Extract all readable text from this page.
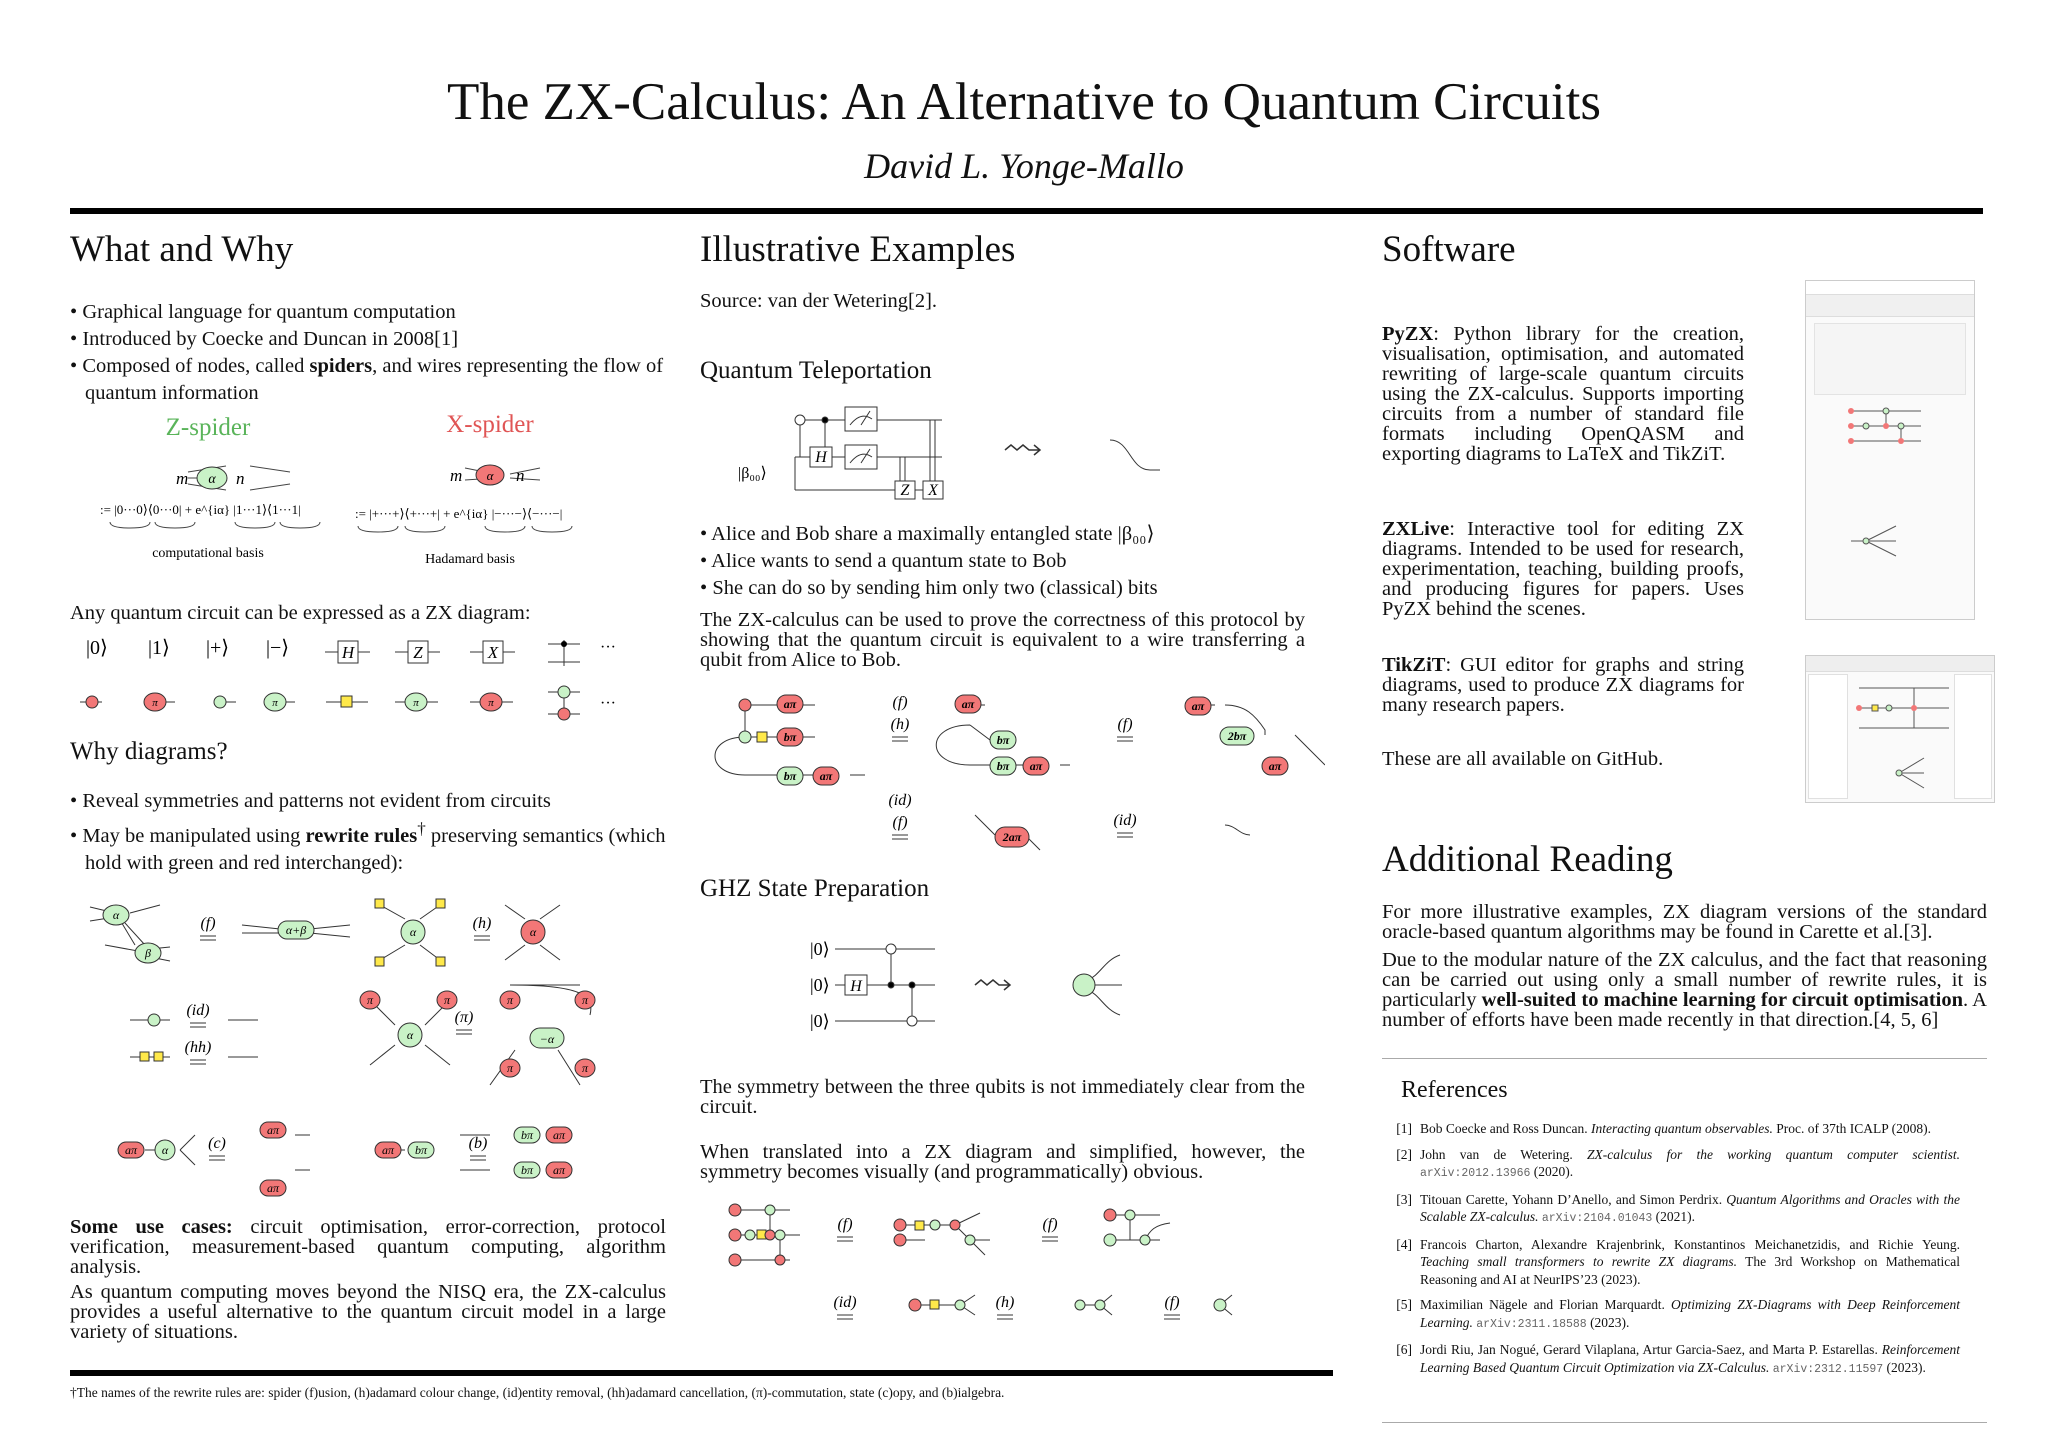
The ZX-Calculus: An Alternative to Quantum Circuits
David L. Yonge-Mallo
What and Why
• Graphical language for quantum computation
• Introduced by Coecke and Duncan in 2008[1]
• Composed of nodes, called spiders, and wires representing the flow of quantum information
Z-spider	X-spider
α
m	n	α
m	n
:= |0···0⟩⟨0···0| + e^{iα} |1···1⟩⟨1···1|	:= |+···+⟩⟨+···+| + e^{iα} |−···−⟩⟨−···−|
computational basis	Hadamard basis
Any quantum circuit can be expressed as a ZX diagram:
|0⟩ |1⟩ |+⟩ |−⟩	H	Z	X	···
π	π	π	π	···
Why diagrams?
• Reveal symmetries and patterns not evident from circuits
• May be manipulated using rewrite rules† preserving semantics (which hold with green and red interchanged):
α
β
α+β	α	α
π	π
α
π	π
−α
π	π
aπ α
aπ
aπ
aπ bπ
bπ
bπ
aπ
aπ
(f)	(h)
(id)
(hh)
(π)
(c)	(b)
Some use cases: circuit optimisation, error-correction, protocol verification, measurement-based quantum computing, algorithm analysis.
As quantum computing moves beyond the NISQ era, the ZX-calculus provides a useful alternative to the quantum circuit model in a large variety of situations.
†The names of the rewrite rules are: spider (f)usion, (h)adamard colour change, (id)entity removal, (hh)adamard cancellation, (π)-commutation, state (c)opy, and (b)ialgebra.
Illustrative Examples
Source: van der Wetering[2].
Quantum Teleportation
H
Z X
|β₀₀⟩
• Alice and Bob share a maximally entangled state |β₀₀⟩
• Alice wants to send a quantum state to Bob
• She can do so by sending him only two (classical) bits
The ZX-calculus can be used to prove the correctness of this protocol by showing that the quantum circuit is equivalent to a wire transferring a qubit from Alice to Bob.
aπ
bπ
bπ aπ
aπ
bπ
bπ aπ
aπ
2bπ
aπ
2aπ
(f)
(h)	(f)
(id)
(f)	(id)
GHZ State Preparation
|0⟩
|0⟩
|0⟩
H
The symmetry between the three qubits is not immediately clear from the circuit.
When translated into a ZX diagram and simplified, however, the symmetry becomes visually (and programmatically) obvious.
(f)	(f)
(id)	(h)	(f)
Software
PyZX: Python library for the creation, visualisation, optimisation, and automated rewriting of large-scale quantum circuits using the ZX-calculus. Supports importing circuits from a number of standard file formats including OpenQASM and exporting diagrams to LaTeX and TikZiT.
ZXLive: Interactive tool for editing ZX diagrams. Intended to be used for research, experimentation, teaching, building proofs, and producing figures for papers. Uses PyZX behind the scenes.
TikZiT: GUI editor for graphs and string diagrams, used to produce ZX diagrams for many research papers.
These are all available on GitHub.
Additional Reading
For more illustrative examples, ZX diagram versions of the standard oracle-based quantum algorithms may be found in Carette et al.[3].
Due to the modular nature of the ZX calculus, and the fact that reasoning can be carried out using only a small number of rewrite rules, it is particularly well-suited to machine learning for circuit optimisation. A number of efforts have been made recently in that direction.[4, 5, 6]
References
[1] Bob Coecke and Ross Duncan. Interacting quantum observables. Proc. of 37th ICALP (2008).
[2] John van de Wetering. ZX-calculus for the working quantum computer scientist. arXiv:2012.13966 (2020).
[3] Titouan Carette, Yohann D’Anello, and Simon Perdrix. Quantum Algorithms and Oracles with the Scalable ZX-calculus. arXiv:2104.01043 (2021).
[4] Francois Charton, Alexandre Krajenbrink, Konstantinos Meichanetzidis, and Richie Yeung. Teaching small transformers to rewrite ZX diagrams. The 3rd Workshop on Mathematical Reasoning and AI at NeurIPS’23 (2023).
[5] Maximilian Nägele and Florian Marquardt. Optimizing ZX-Diagrams with Deep Reinforcement Learning. arXiv:2311.18588 (2023).
[6] Jordi Riu, Jan Nogué, Gerard Vilaplana, Artur Garcia-Saez, and Marta P. Estarellas. Reinforcement Learning Based Quantum Circuit Optimization via ZX-Calculus. arXiv:2312.11597 (2023).
